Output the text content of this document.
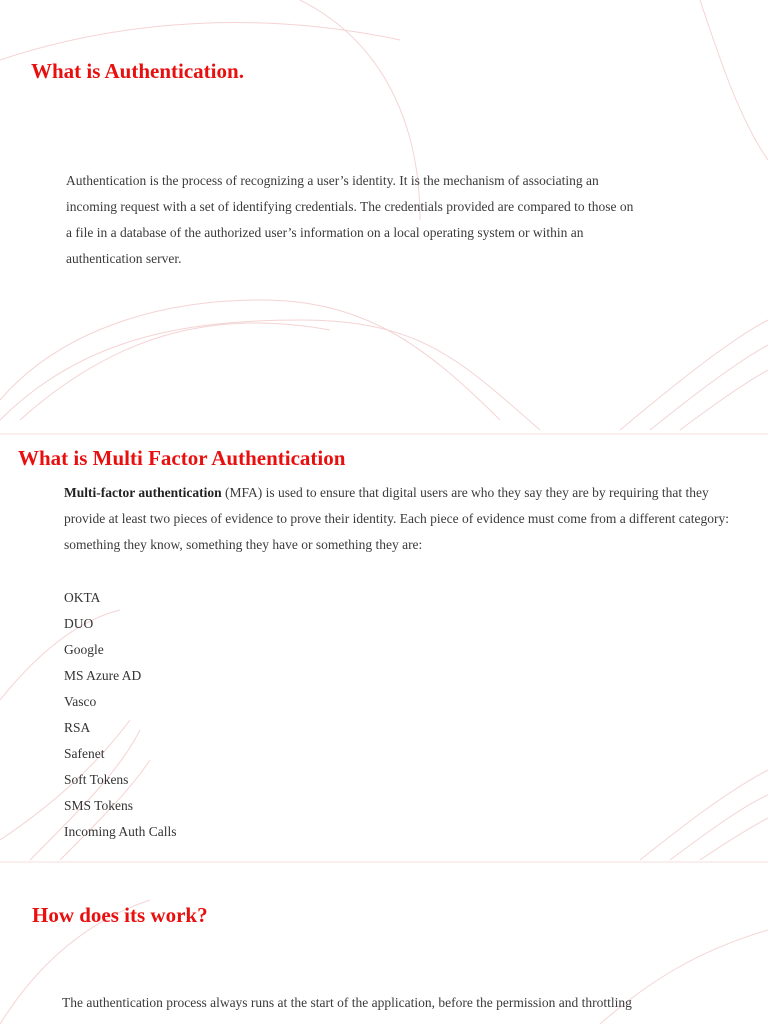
What is Authentication.

Authentication is the process of recognizing a user’s identity. It is the mechanism of associating an incoming request with a set of identifying credentials. The credentials provided are compared to those on a file in a database of the authorized user’s information on a local operating system or within an authentication server.

What is Multi Factor Authentication

Multi-factor authentication (MFA) is used to ensure that digital users are who they say they are by requiring that they provide at least two pieces of evidence to prove their identity. Each piece of evidence must come from a different category: something they know, something they have or something they are:

OKTA
DUO
Google
MS Azure AD
Vasco
RSA
Safenet
Soft Tokens
SMS Tokens
Incoming Auth Calls
How does its work?

The authentication process always runs at the start of the application, before the permission and throttling
